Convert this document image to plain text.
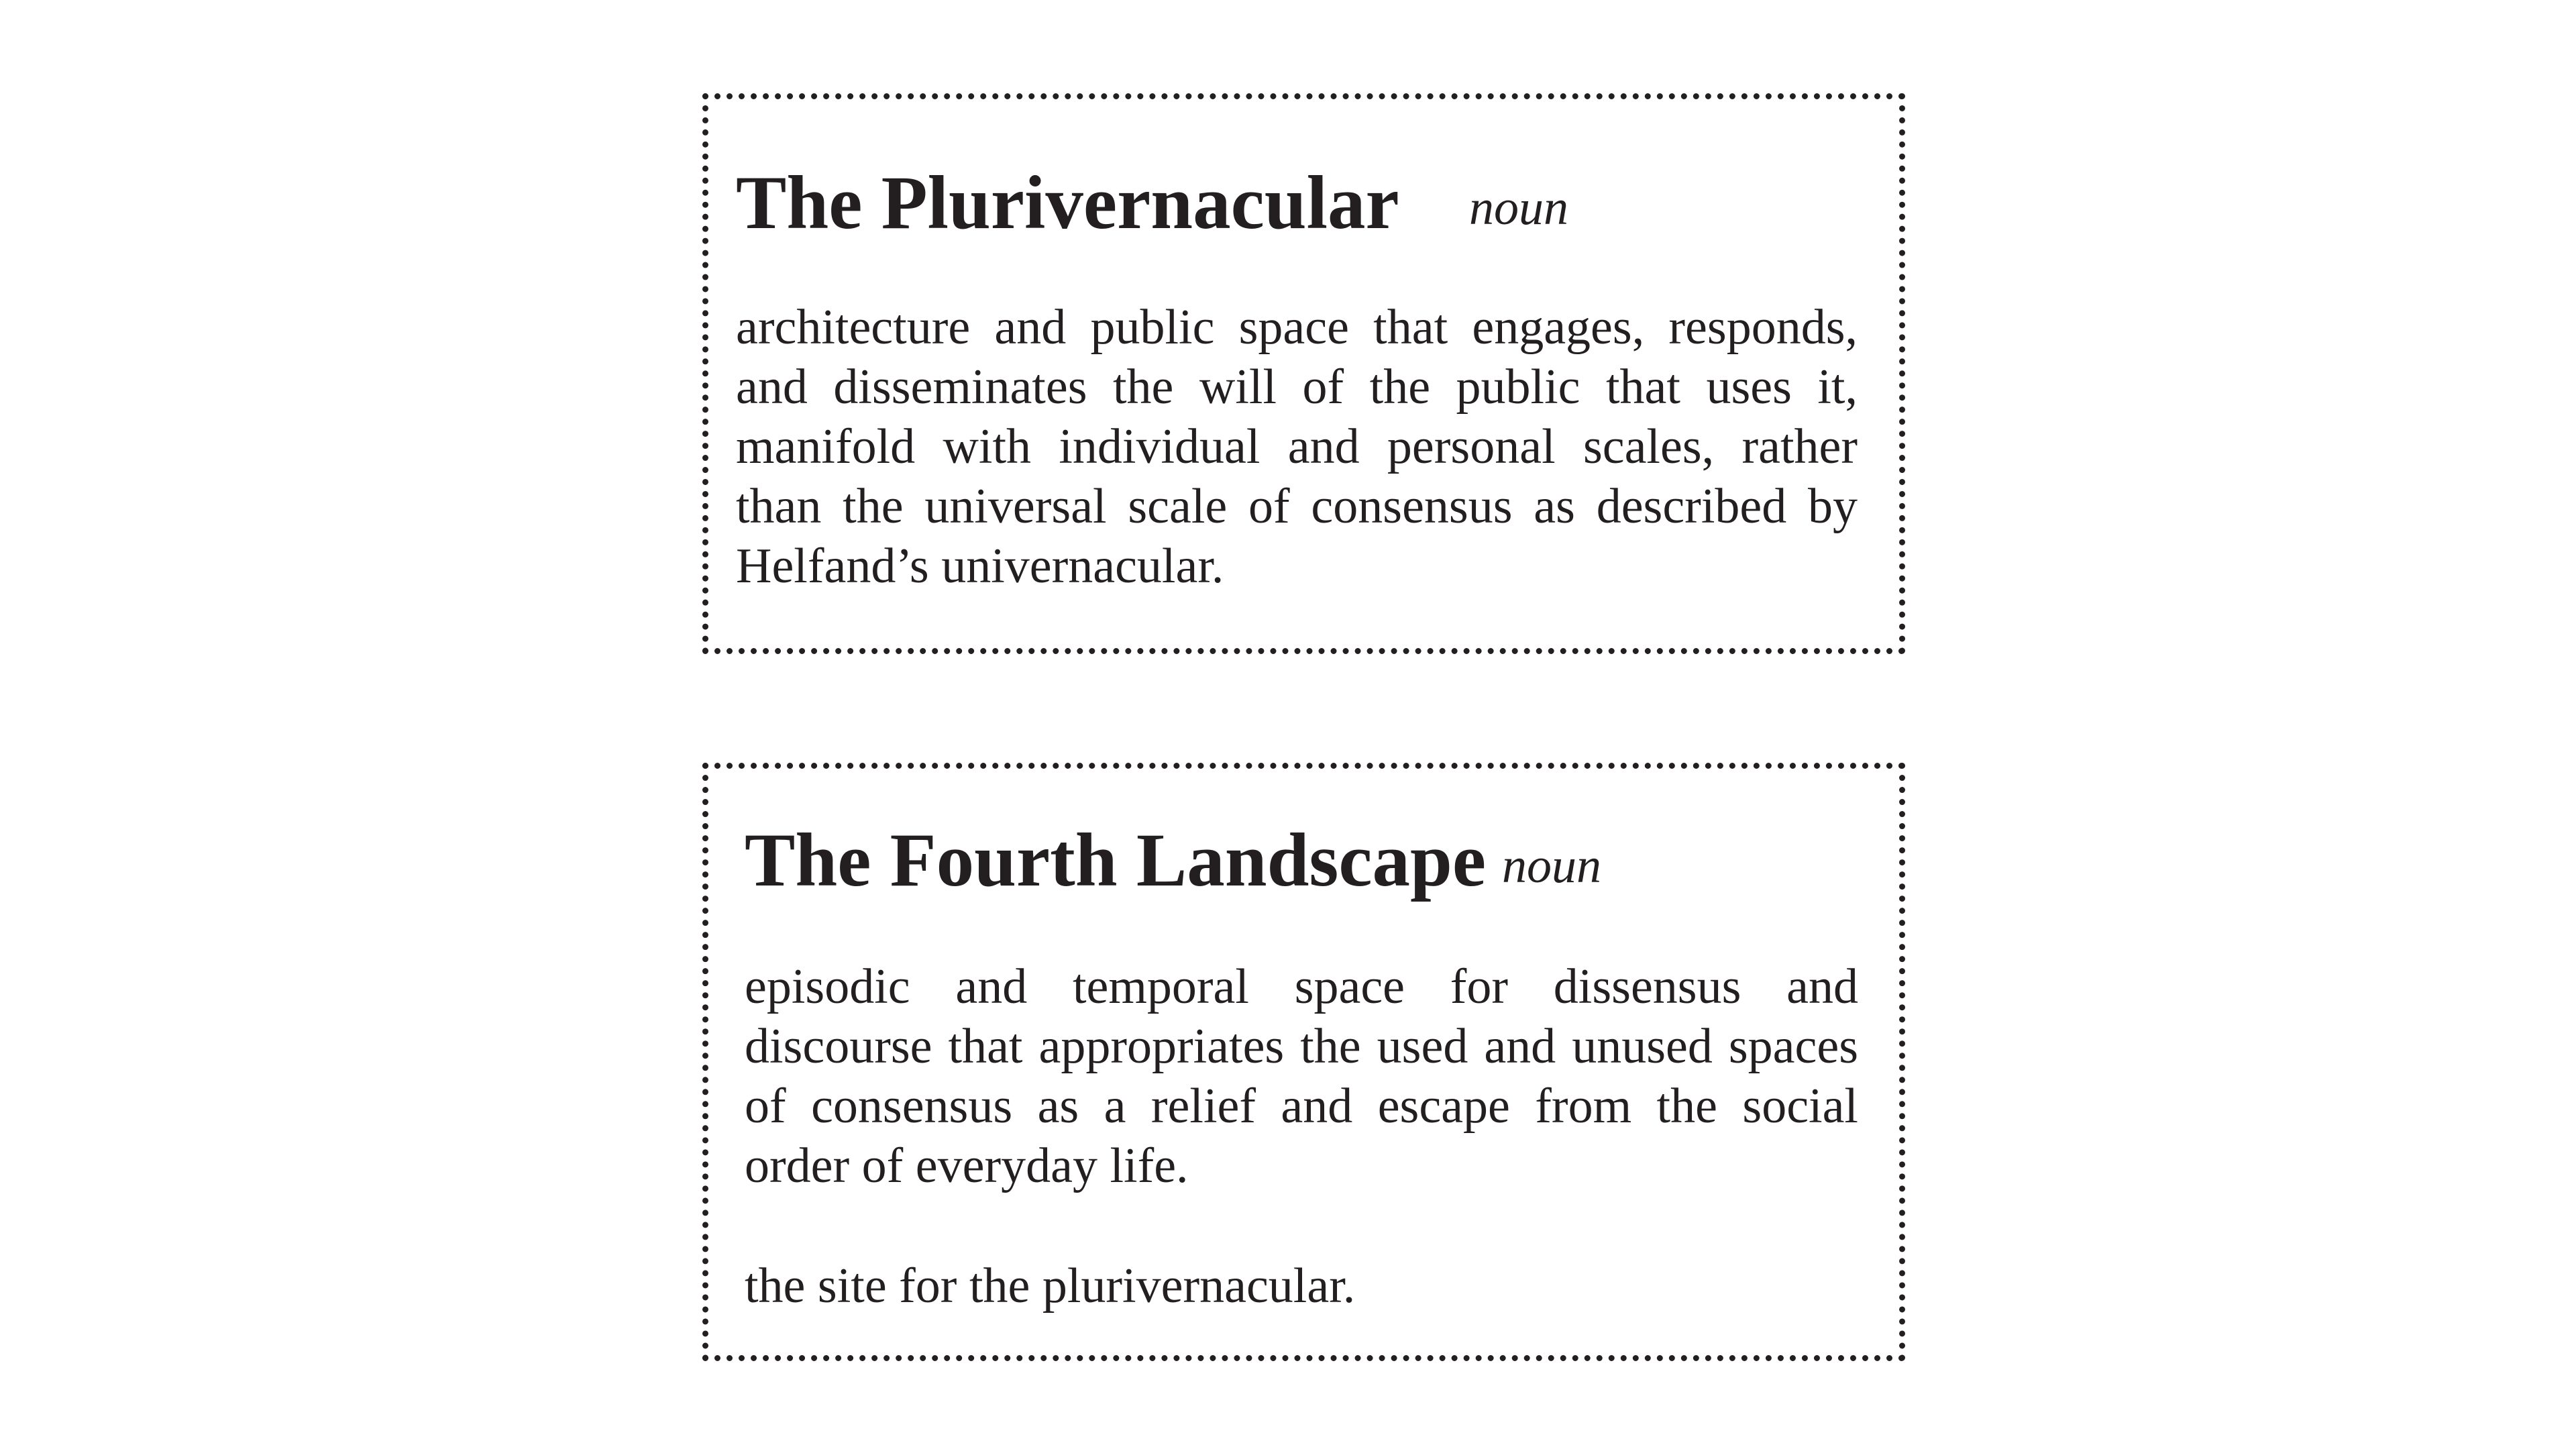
The Plurivernacular noun

architecture and public space that engages, responds, and disseminates the will of the public that uses it, manifold with individual and personal scales, rather than the universal scale of consensus as described by Helfand’s univernacular.

The Fourth Landscape noun

episodic and temporal space for dissensus and discourse that appropriates the used and unused spaces of consensus as a relief and escape from the social order of everyday life.

the site for the plurivernacular.
